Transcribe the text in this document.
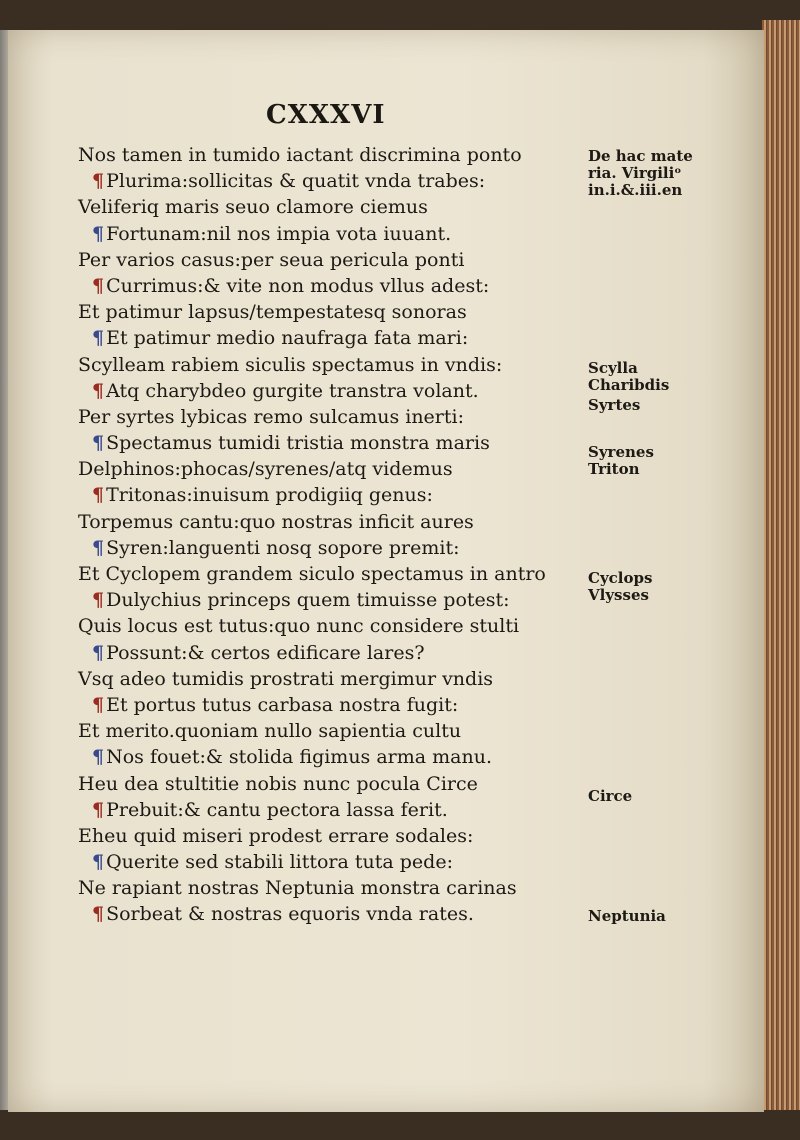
CXXXVI
Nos tamen in tumido iactant discrimina ponto
¶ Plurima:sollicitas & quatit vnda trabes:
Veliferiq maris seuo clamore ciemus
¶ Fortunam:nil nos impia vota iuuant.
Per varios casus:per seua pericula ponti
¶ Currimus:& vite non modus vllus adest:
Et patimur lapsus/tempestatesq sonoras
¶ Et patimur medio naufraga fata mari:
Scylleam rabiem siculis spectamus in vndis:
¶ Atq charybdeo gurgite transtra volant.
Per syrtes lybicas remo sulcamus inerti:
¶ Spectamus tumidi tristia monstra maris
Delphinos:phocas/syrenes/atq videmus
¶ Tritonas:inuisum prodigiiq genus:
Torpemus cantu:quo nostras inficit aures
¶ Syren:languenti nosq sopore premit:
Et Cyclopem grandem siculo spectamus in antro
¶ Dulychius princeps quem timuisse potest:
Quis locus est tutus:quo nunc considere stulti
¶ Possunt:& certos edificare lares?
Vsq adeo tumidis prostrati mergimur vndis
¶ Et portus tutus carbasa nostra fugit:
Et merito.quoniam nullo sapientia cultu
¶ Nos fouet:& stolida figimus arma manu.
Heu dea stultitie nobis nunc pocula Circe
¶ Prebuit:& cantu pectora lassa ferit.
Eheu quid miseri prodest errare sodales:
¶ Querite sed stabili littora tuta pede:
Ne rapiant nostras Neptunia monstra carinas
¶ Sorbeat & nostras equoris vnda rates.
De hac mate
ria. Virgiliᵒ
in.i.&.iii.en
Scylla
Charibdis
Syrtes
Syrenes
Triton
Cyclops
Vlysses
Circe
Neptunia
